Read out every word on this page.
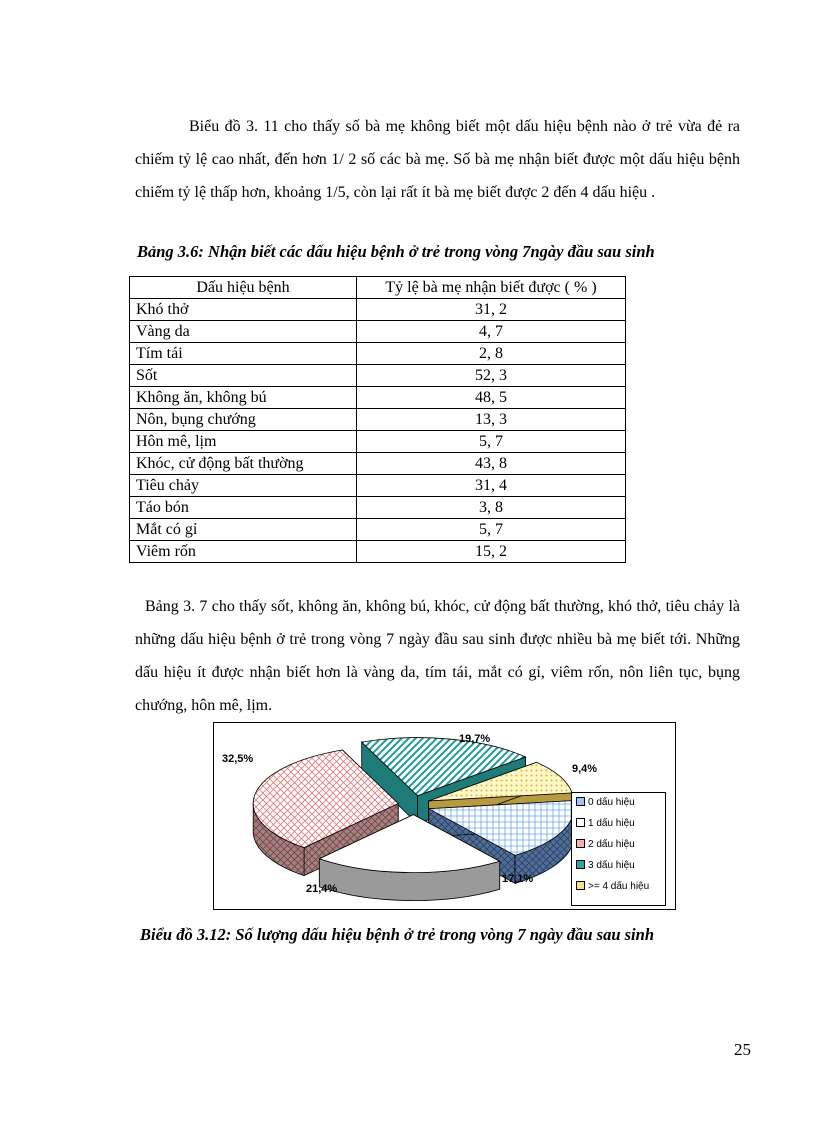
Biểu đồ 3. 11 cho thấy số bà mẹ không biết một dấu hiệu bệnh nào ở trẻ vừa đẻ ra chiếm tỷ lệ cao nhất, đến hơn 1/ 2 số các bà mẹ. Số bà mẹ nhận biết được một dấu hiệu bệnh chiếm tỷ lệ thấp hơn, khoảng 1/5, còn lại rất ít bà mẹ biết được 2 đến 4 dấu hiệu .

Bảng 3.6: Nhận biết các dấu hiệu bệnh ở trẻ trong vòng 7ngày đầu sau sinh

Dấu hiệu bệnh	Tỷ lệ bà mẹ nhận biết được ( % )
Khó thở	31, 2
Vàng da	4, 7
Tím tái	2, 8
Sốt	52, 3
Không ăn, không bú	48, 5
Nôn, bụng chướng	13, 3
Hôn mê, lịm	5, 7
Khóc, cử động bất thường	43, 8
Tiêu chảy	31, 4
Táo bón	3, 8
Mắt có gỉ	5, 7
Viêm rốn	15, 2

Bảng 3. 7 cho thấy sốt, không ăn, không bú, khóc, cử động bất thường, khó thở, tiêu chảy là những dấu hiệu bệnh ở trẻ trong vòng 7 ngày đầu sau sinh được nhiều bà mẹ biết tới. Những dấu hiệu ít được nhận biết hơn là vàng da, tím tái, mắt có gỉ, viêm rốn, nôn liên tục, bụng chướng, hôn mê, lịm.

32,5%
19,7%
9,4%
17,1%
21,4%
0 dấu hiệu
1 dấu hiệu
2 dấu hiệu
3 dấu hiệu
>= 4 dấu hiệu

Biểu đồ 3.12: Số lượng dấu hiệu bệnh ở trẻ trong vòng 7 ngày đầu sau sinh

25
